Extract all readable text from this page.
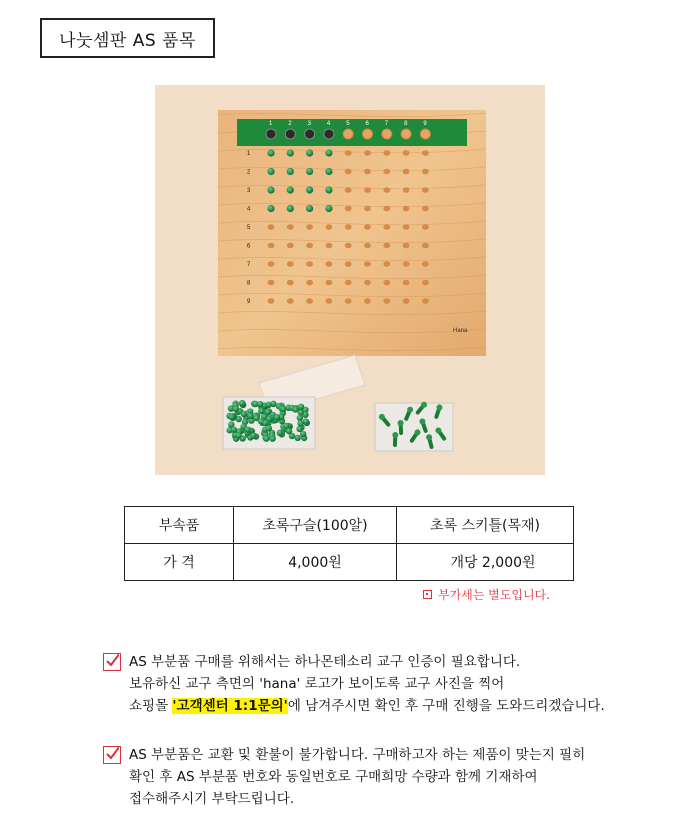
나눗셈판 AS 품목
1	2	3	4	5	6	7	8	9
1
2
3
4
5
6
7
8
9
Hana
부속품	초록구슬(100알)	초록 스키틀(목재)
가 격	4,000원	개당 2,000원
부가세는 별도입니다.
AS 부분품 구매를 위해서는 하나몬테소리 교구 인증이 필요합니다.
보유하신 교구 측면의 'hana' 로고가 보이도록 교구 사진을 찍어
쇼핑몰 '고객센터 1:1문의'에 남겨주시면 확인 후 구매 진행을 도와드리겠습니다.
AS 부분품은 교환 및 환불이 불가합니다. 구매하고자 하는 제품이 맞는지 필히
확인 후 AS 부분품 번호와 동일번호로 구매희망 수량과 함께 기재하여
접수해주시기 부탁드립니다.
